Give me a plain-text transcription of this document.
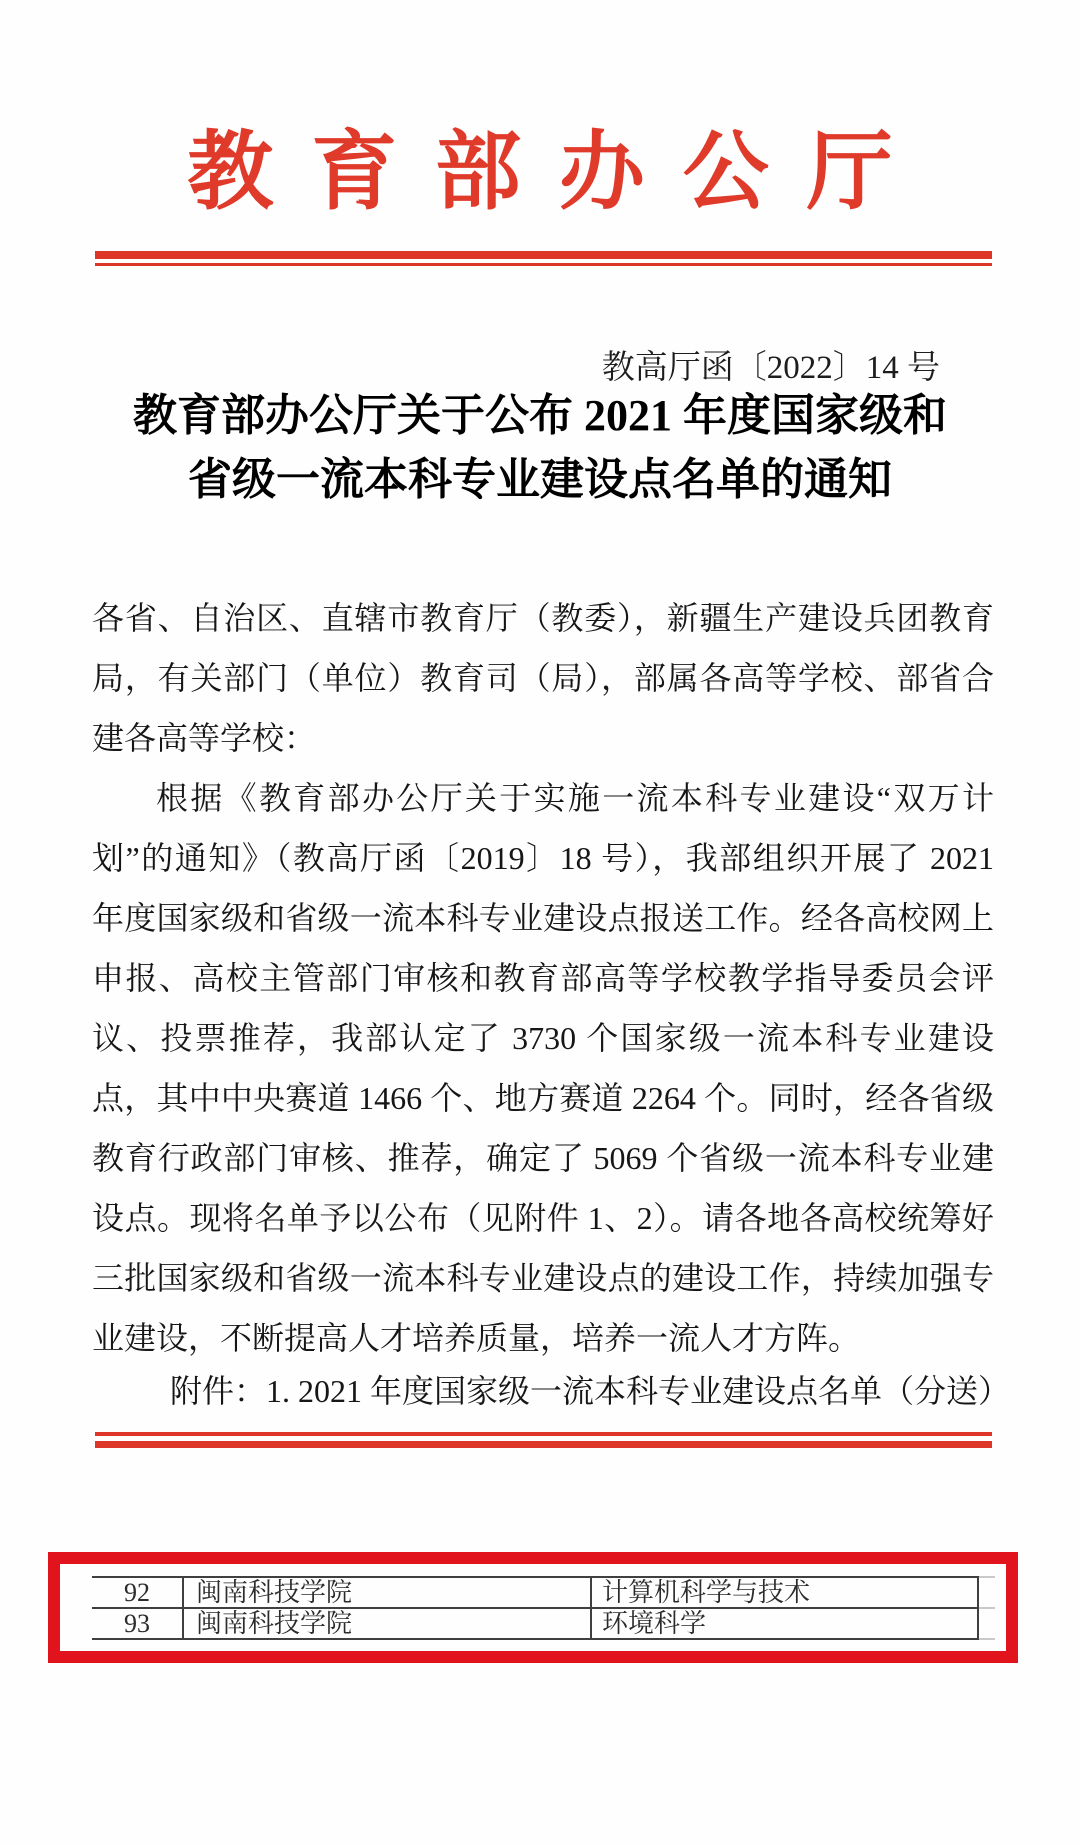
教育部办公厅
教高厅函〔2022〕14 号
教育部办公厅关于公布 2021 年度国家级和
省级一流本科专业建设点名单的通知

各省、自治区、直辖市教育厅（教委），新疆生产建设兵团教育局，有关部门（单位）教育司（局），部属各高等学校、部省合建各高等学校：

根据《教育部办公厅关于实施一流本科专业建设“双万计划”的通知》（教高厅函〔2019〕18 号），我部组织开展了 2021 年度国家级和省级一流本科专业建设点报送工作。经各高校网上申报、高校主管部门审核和教育部高等学校教学指导委员会评议、投票推荐，我部认定了 3730 个国家级一流本科专业建设点，其中中央赛道 1466 个、地方赛道 2264 个。同时，经各省级教育行政部门审核、推荐，确定了 5069 个省级一流本科专业建设点。现将名单予以公布（见附件 1、2）。请各地各高校统筹好三批国家级和省级一流本科专业建设点的建设工作，持续加强专业建设，不断提高人才培养质量，培养一流人才方阵。

附件：1. 2021 年度国家级一流本科专业建设点名单（分送）
92	闽南科技学院	计算机科学与技术
93	闽南科技学院	环境科学
